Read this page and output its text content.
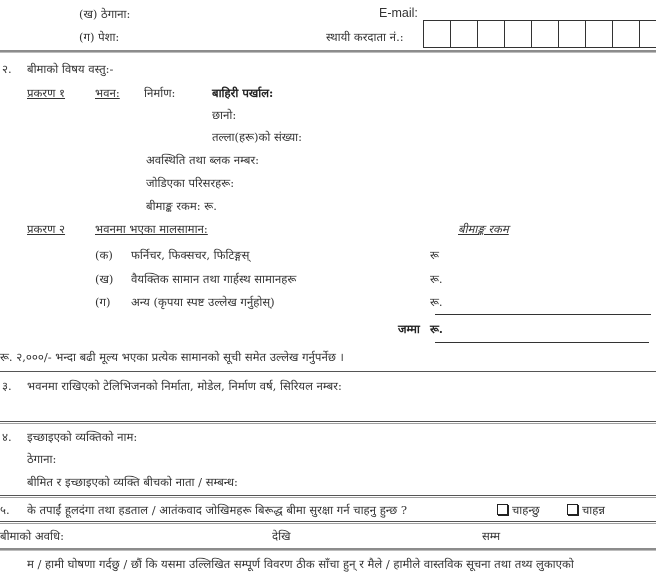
(ख) ठेगाना:	E-mail:
(ग) पेशा:	स्थायी करदाता नं.:
२. बीमाको विषय वस्तु:-
प्रकरण १	भवन: निर्माण:	बाहिरी पर्खाल:
छानो:
तल्ला(हरू)को संख्या:
अवस्थिति तथा ब्लक नम्बर:
जोडिएका परिसरहरू:
बीमाङ्क रकम: रू.
प्रकरण २	भवनमा भएका मालसामान:	बीमाङ्क रकम
(क) फर्निचर, फिक्सचर, फिटिङ्गस्	रू
(ख) वैयक्तिक सामान तथा गार्हस्थ सामानहरू	रू.
(ग) अन्य (कृपया स्पष्ट उल्लेख गर्नुहोस्)	रू.
जम्मा रू.
रू. २,०००/- भन्दा बढी मूल्य भएका प्रत्येक सामानको सूची समेत उल्लेख गर्नुपर्नेछ ।
३. भवनमा राखिएको टेलिभिजनको निर्माता, मोडेल, निर्माण वर्ष, सिरियल नम्बर:
४. इच्छाइएको व्यक्तिको नाम:
ठेगाना:
बीमित र इच्छाइएको व्यक्ति बीचको नाता / सम्बन्ध:
५. के तपाईं हूलदंगा तथा हडताल / आतंकवाद जोखिमहरू बिरूद्ध बीमा सुरक्षा गर्न चाहनु हुन्छ ?	चाहन्छु	चाहन्न
बीमाको अवधि:	देखि	सम्म
म / हामी घोषणा गर्दछु / छौं कि यसमा उल्लिखित सम्पूर्ण विवरण ठीक साँचा हुन् र मैले / हामीले वास्तविक सूचना तथा तथ्य लुकाएको
